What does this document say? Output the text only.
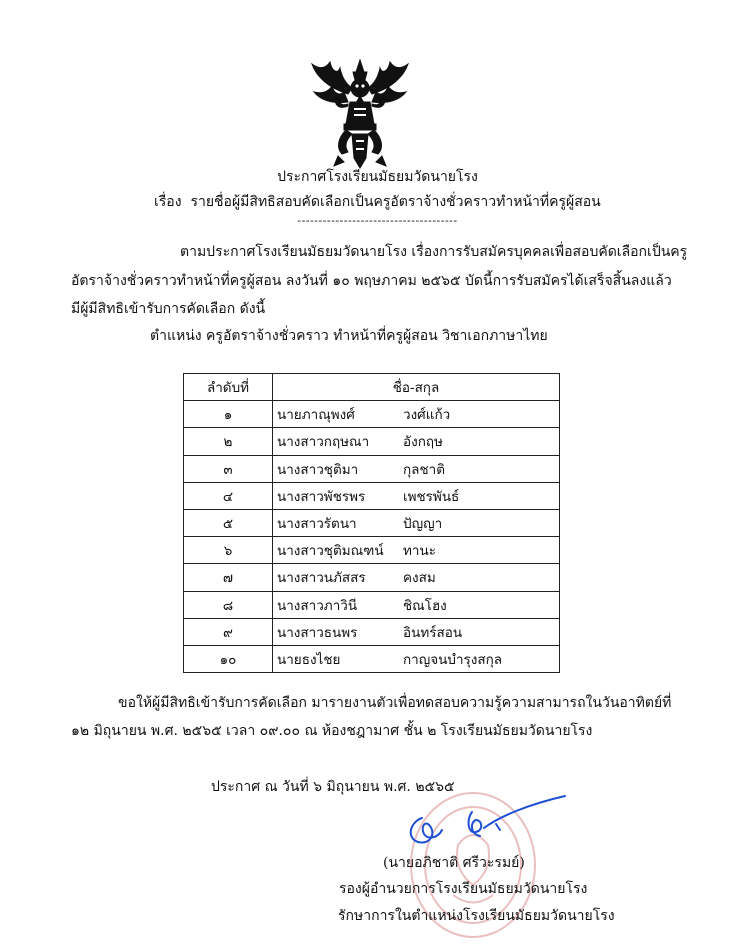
ประกาศโรงเรียนมัธยมวัดนายโรง
เรื่อง รายชื่อผู้มีสิทธิสอบคัดเลือกเป็นครูอัตราจ้างชั่วคราวทำหน้าที่ครูผู้สอน
--------------------------------------
ตามประกาศโรงเรียนมัธยมวัดนายโรง เรื่องการรับสมัครบุคคลเพื่อสอบคัดเลือกเป็นครู
อัตราจ้างชั่วคราวทำหน้าที่ครูผู้สอน ลงวันที่ ๑๐ พฤษภาคม ๒๕๖๕ บัดนี้การรับสมัครได้เสร็จสิ้นลงแล้ว
มีผู้มีสิทธิเข้ารับการคัดเลือก ดังนี้
ตำแหน่ง ครูอัตราจ้างชั่วคราว ทำหน้าที่ครูผู้สอน วิชาเอกภาษาไทย
ลำดับที่	ชื่อ-สกุล
๑	นายภาณุพงศ์ วงศ์แก้ว
๒	นางสาวกฤษณา อังกฤษ
๓	นางสาวชุติมา กุลชาติ
๔	นางสาวพัชรพร เพชรพันธ์
๕	นางสาวรัตนา ปัญญา
๖	นางสาวชุติมณฑน์ ทานะ
๗	นางสาวนภัสสร คงสม
๘	นางสาวภาวินี ชิณโฮง
๙	นางสาวธนพร อินทร์สอน
๑๐	นายธงไชย กาญจนบำรุงสกุล
ขอให้ผู้มีสิทธิเข้ารับการคัดเลือก มารายงานตัวเพื่อทดสอบความรู้ความสามารถในวันอาทิตย์ที่
๑๒ มิถุนายน พ.ศ. ๒๕๖๕ เวลา ๐๙.๐๐ ณ ห้องชฎามาศ ชั้น ๒ โรงเรียนมัธยมวัดนายโรง
ประกาศ ณ วันที่ ๖ มิถุนายน พ.ศ. ๒๕๖๕
(นายอภิชาติ ศรีวะรมย์)
รองผู้อำนวยการโรงเรียนมัธยมวัดนายโรง
รักษาการในตำแหน่งโรงเรียนมัธยมวัดนายโรง
